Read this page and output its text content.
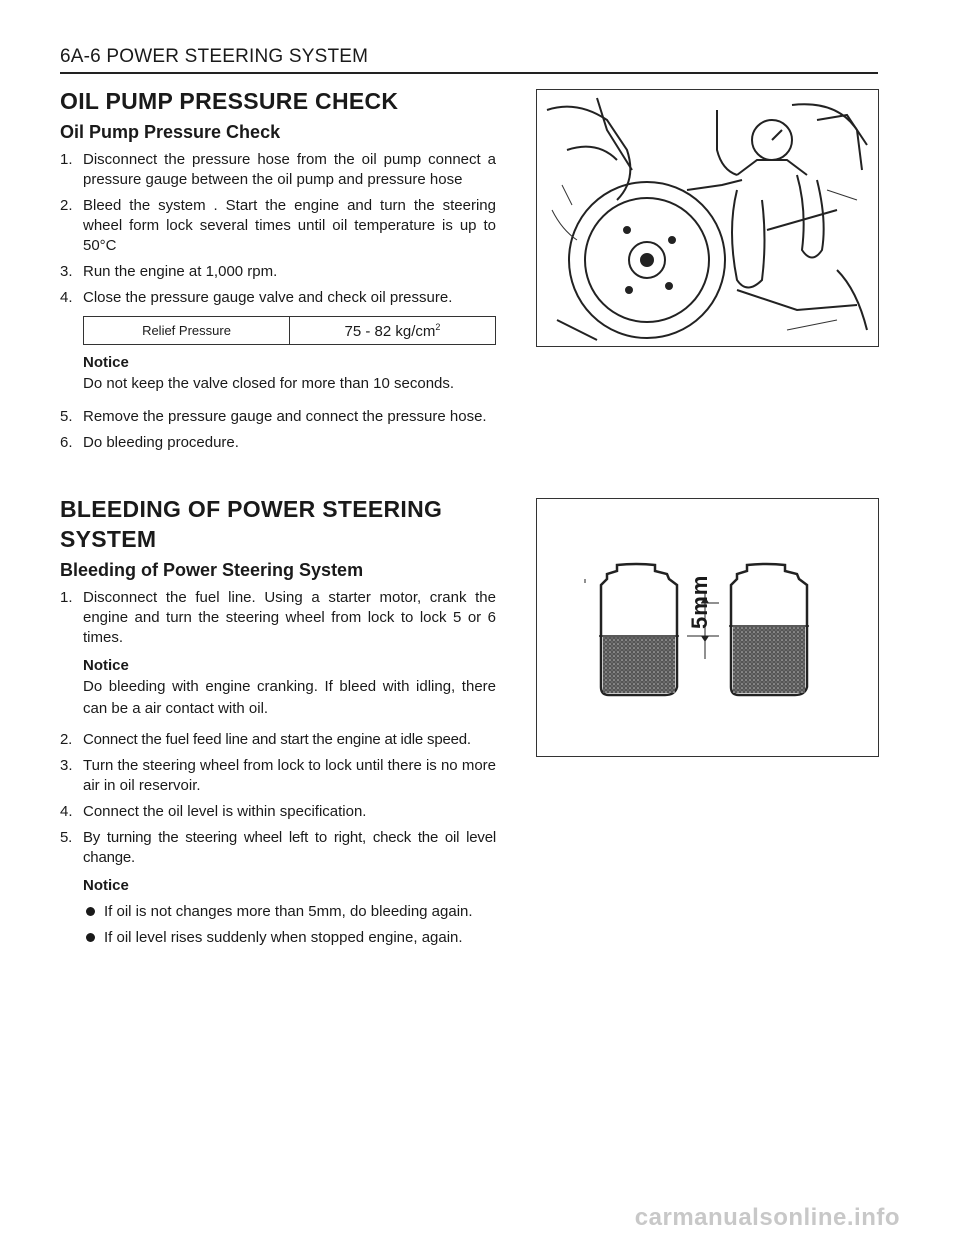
6A-6 POWER STEERING SYSTEM
OIL PUMP PRESSURE CHECK
Oil Pump Pressure Check
1. Disconnect the pressure hose from the oil pump connect a pressure gauge between the oil pump and pressure hose
2. Bleed the system . Start the engine and turn the steering wheel form lock several times until oil temperature is up to 50°C
3. Run the engine at 1,000 rpm.
4. Close the pressure gauge valve and check oil pressure.
Relief Pressure	75 - 82 $kg/cm^2$
Notice
Do not keep the valve closed for more than 10 seconds.
5. Remove the pressure gauge and connect the pressure hose.
6. Do bleeding procedure.
BLEEDING OF POWER STEERING
SYSTEM
Bleeding of Power Steering System
1. Disconnect the fuel line. Using a starter motor, crank the engine and turn the steering wheel from lock to lock 5 or 6 times.
Notice
Do bleeding with engine cranking. If bleed with idling, there can be a air contact with oil.
2. Connect the fuel feed line and start the engine at idle speed.
3. Turn the steering wheel from lock to lock until there is no more air in oil reservoir.
4. Connect the oil level is within specification.
5. By turning the steering wheel left to right, check the oil level change.
Notice
If oil is not changes more than 5mm, do bleeding again.
If oil level rises suddenly when stopped engine, again.
5mm
carmanualsonline.info
